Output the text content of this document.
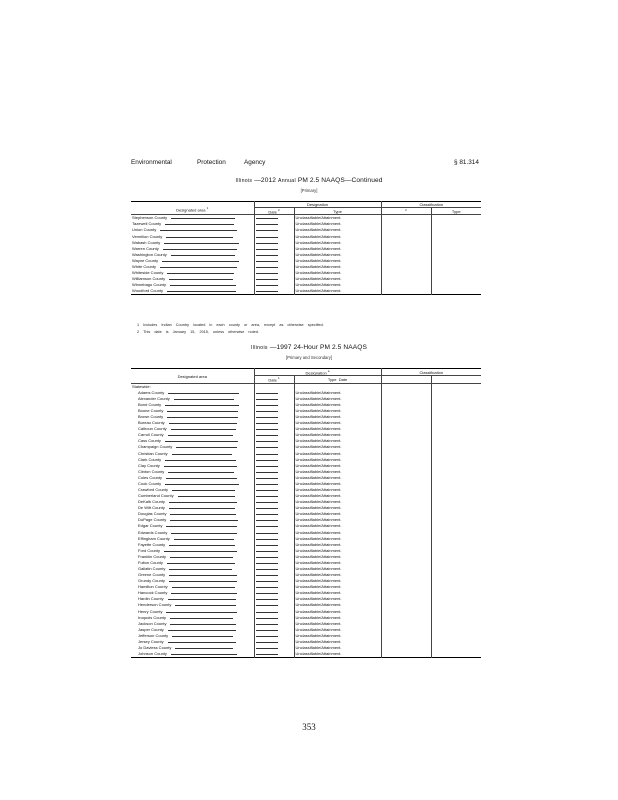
Environmental	Protection	Agency	§ 81.314
Illinois —2012 Annual PM 2.5 NAAQS—Continued
[Primary]
Designated area $^1$	Designation		Classification	
	Date $^2$	Type	$^2$	Type
Stephenson County		Unclassifiable/Attainment.		
Tazewell County		Unclassifiable/Attainment.		
Union County		Unclassifiable/Attainment.		
Vermilion County		Unclassifiable/Attainment.		
Wabash County		Unclassifiable/Attainment.		
Warren County		Unclassifiable/Attainment.		
Washington County		Unclassifiable/Attainment.		
Wayne County		Unclassifiable/Attainment.		
White County		Unclassifiable/Attainment.		
Whiteside County		Unclassifiable/Attainment.		
Williamson County		Unclassifiable/Attainment.		
Winnebago County		Unclassifiable/Attainment.		
Woodford County		Unclassifiable/Attainment.		
1 Includes Indian Country located in each county or area, except as otherwise specified.
2 This date is January 15, 2015, unless otherwise noted.
Illinois —1997 24-Hour PM 2.5 NAAQS
[Primary and Secondary]
Designated area	Designation $^a$		Classification	
	Date $^1$	Type Date		
Statewide:				
Adams County		Unclassifiable/Attainment.		
Alexander County		Unclassifiable/Attainment.		
Bond County		Unclassifiable/Attainment.		
Boone County		Unclassifiable/Attainment.		
Brown County		Unclassifiable/Attainment.		
Bureau County		Unclassifiable/Attainment.		
Calhoun County		Unclassifiable/Attainment.		
Carroll County		Unclassifiable/Attainment.		
Cass County		Unclassifiable/Attainment.		
Champaign County		Unclassifiable/Attainment.		
Christian County		Unclassifiable/Attainment.		
Clark County		Unclassifiable/Attainment.		
Clay County		Unclassifiable/Attainment.		
Clinton County		Unclassifiable/Attainment.		
Coles County		Unclassifiable/Attainment.		
Cook County		Unclassifiable/Attainment.		
Crawford County		Unclassifiable/Attainment.		
Cumberland County		Unclassifiable/Attainment.		
DeKalb County		Unclassifiable/Attainment.		
De Witt County		Unclassifiable/Attainment.		
Douglas County		Unclassifiable/Attainment.		
DuPage County		Unclassifiable/Attainment.		
Edgar County		Unclassifiable/Attainment.		
Edwards County		Unclassifiable/Attainment.		
Effingham County		Unclassifiable/Attainment.		
Fayette County		Unclassifiable/Attainment.		
Ford County		Unclassifiable/Attainment.		
Franklin County		Unclassifiable/Attainment.		
Fulton County		Unclassifiable/Attainment.		
Gallatin County		Unclassifiable/Attainment.		
Greene County		Unclassifiable/Attainment.		
Grundy County		Unclassifiable/Attainment.		
Hamilton County		Unclassifiable/Attainment.		
Hancock County		Unclassifiable/Attainment.		
Hardin County		Unclassifiable/Attainment.		
Henderson County		Unclassifiable/Attainment.		
Henry County		Unclassifiable/Attainment.		
Iroquois County		Unclassifiable/Attainment.		
Jackson County		Unclassifiable/Attainment.		
Jasper County		Unclassifiable/Attainment.		
Jefferson County		Unclassifiable/Attainment.		
Jersey County		Unclassifiable/Attainment.		
Jo Daviess County		Unclassifiable/Attainment.		
Johnson County		Unclassifiable/Attainment.		
353
